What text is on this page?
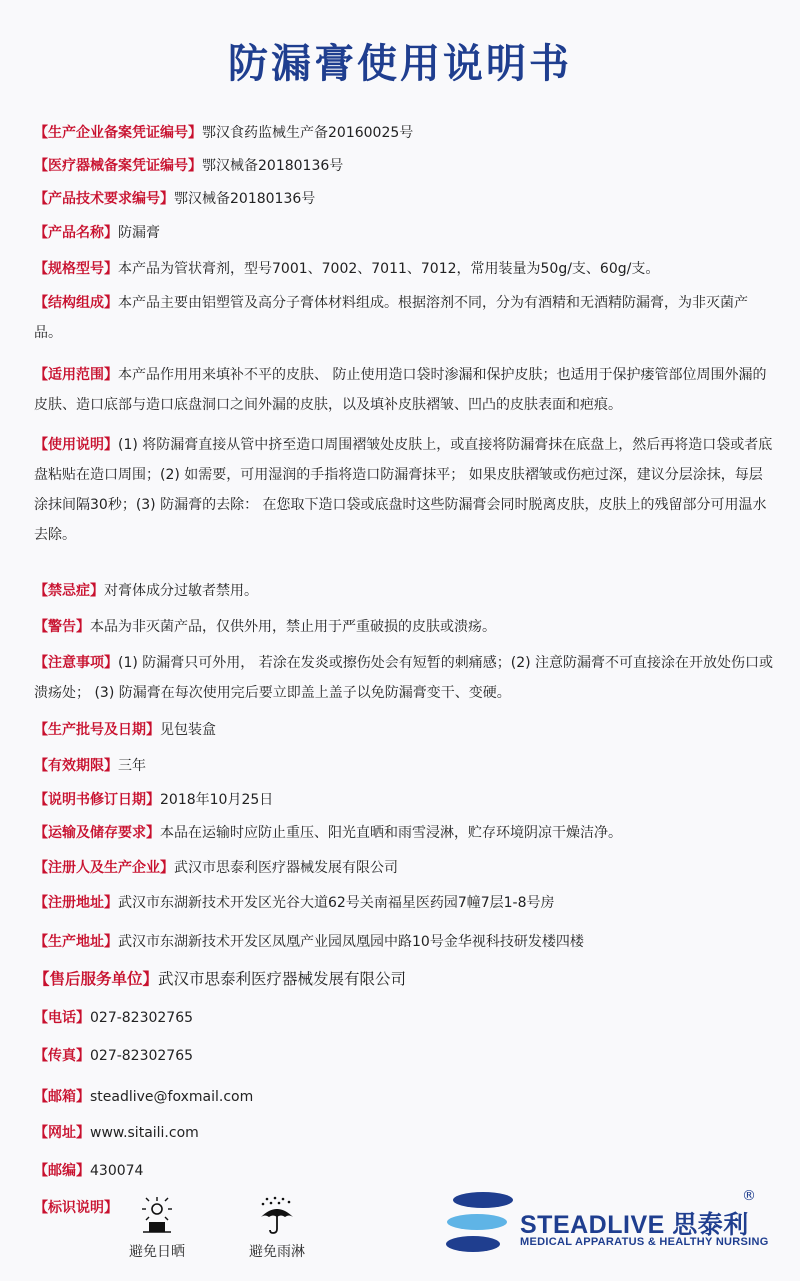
防漏膏使用说明书
【生产企业备案凭证编号】鄂汉食药监械生产备20160025号
【医疗器械备案凭证编号】鄂汉械备20180136号
【产品技术要求编号】鄂汉械备20180136号
【产品名称】防漏膏
【规格型号】本产品为管状膏剂，型号7001、7002、7011、7012，常用装量为50g/支、60g/支。
【结构组成】本产品主要由铝塑管及高分子膏体材料组成。根据溶剂不同，分为有酒精和无酒精防漏膏，为非灭菌产品。
【适用范围】本产品作用用来填补不平的皮肤、 防止使用造口袋时渗漏和保护皮肤；也适用于保护瘘管部位周围外漏的皮肤、造口底部与造口底盘洞口之间外漏的皮肤，以及填补皮肤褶皱、凹凸的皮肤表面和疤痕。
【使用说明】(1) 将防漏膏直接从管中挤至造口周围褶皱处皮肤上，或直接将防漏膏抹在底盘上，然后再将造口袋或者底盘粘贴在造口周围；(2) 如需要，可用湿润的手指将造口防漏膏抹平； 如果皮肤褶皱或伤疤过深，建议分层涂抹，每层涂抹间隔30秒；(3) 防漏膏的去除： 在您取下造口袋或底盘时这些防漏膏会同时脱离皮肤，皮肤上的残留部分可用温水去除。
【禁忌症】对膏体成分过敏者禁用。
【警告】本品为非灭菌产品，仅供外用，禁止用于严重破损的皮肤或溃疡。
【注意事项】(1) 防漏膏只可外用， 若涂在发炎或擦伤处会有短暂的刺痛感；(2) 注意防漏膏不可直接涂在开放处伤口或溃疡处； (3) 防漏膏在每次使用完后要立即盖上盖子以免防漏膏变干、变硬。
【生产批号及日期】见包装盒
【有效期限】三年
【说明书修订日期】2018年10月25日
【运输及储存要求】本品在运输时应防止重压、阳光直晒和雨雪浸淋，贮存环境阴凉干燥洁净。
【注册人及生产企业】武汉市思泰利医疗器械发展有限公司
【注册地址】武汉市东湖新技术开发区光谷大道62号关南福星医药园7幢7层1-8号房
【生产地址】武汉市东湖新技术开发区凤凰产业园凤凰园中路10号金华视科技研发楼四楼
【售后服务单位】武汉市思泰利医疗器械发展有限公司
【电话】027-82302765
【传真】027-82302765
【邮箱】steadlive@foxmail.com
【网址】www.sitaili.com
【邮编】430074
【标识说明】
避免日晒	避免雨淋
STEADLIVE 思泰利
®
MEDICAL APPARATUS & HEALTHY NURSING
